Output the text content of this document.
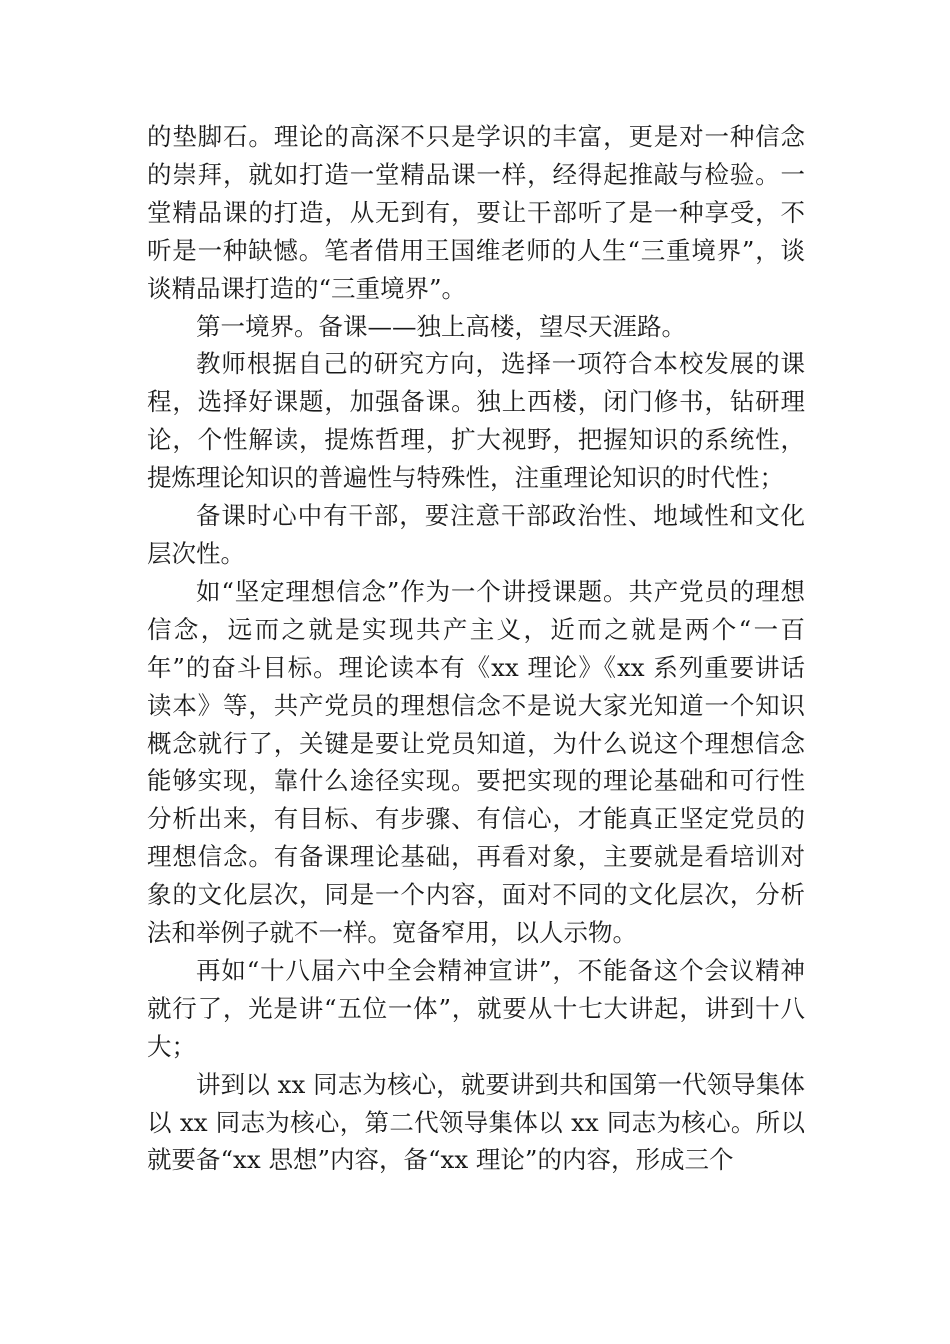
的垫脚石。理论的高深不只是学识的丰富，更是对一种信念的崇拜，就如打造一堂精品课一样，经得起推敲与检验。一堂精品课的打造，从无到有，要让干部听了是一种享受，不听是一种缺憾。笔者借用王国维老师的人生“三重境界”，谈谈精品课打造的“三重境界”。

第一境界。备课——独上高楼，望尽天涯路。

教师根据自己的研究方向，选择一项符合本校发展的课程，选择好课题，加强备课。独上西楼，闭门修书，钻研理论，个性解读，提炼哲理，扩大视野，把握知识的系统性，提炼理论知识的普遍性与特殊性，注重理论知识的时代性；

备课时心中有干部，要注意干部政治性、地域性和文化层次性。

如“坚定理想信念”作为一个讲授课题。共产党员的理想信念，远而之就是实现共产主义，近而之就是两个“一百年”的奋斗目标。理论读本有《xx 理论》《xx 系列重要讲话读本》等，共产党员的理想信念不是说大家光知道一个知识概念就行了，关键是要让党员知道，为什么说这个理想信念能够实现，靠什么途径实现。要把实现的理论基础和可行性分析出来，有目标、有步骤、有信心，才能真正坚定党员的理想信念。有备课理论基础，再看对象，主要就是看培训对象的文化层次，同是一个内容，面对不同的文化层次，分析法和举例子就不一样。宽备窄用，以人示物。

再如“十八届六中全会精神宣讲”，不能备这个会议精神就行了，光是讲“五位一体”，就要从十七大讲起，讲到十八大；

讲到以 xx 同志为核心，就要讲到共和国第一代领导集体以 xx 同志为核心，第二代领导集体以 xx 同志为核心。所以就要备“xx 思想”内容，备“xx 理论”的内容，形成三个
